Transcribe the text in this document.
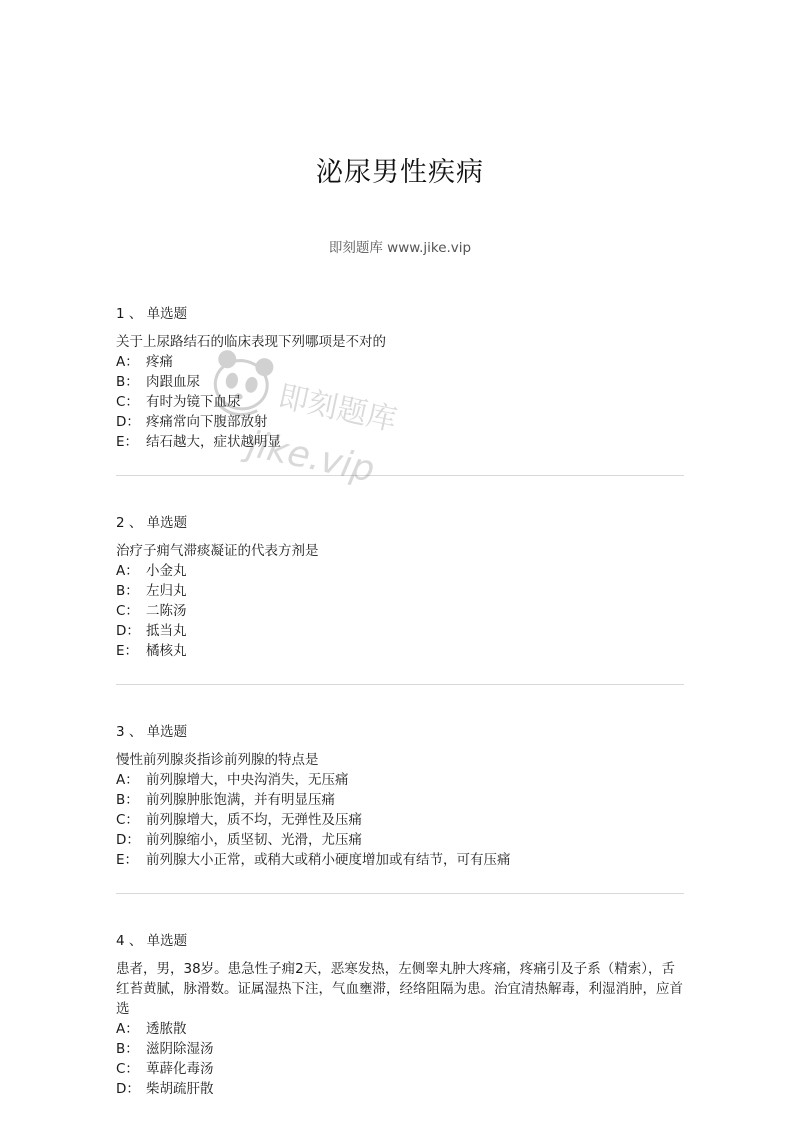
泌尿男性疾病
即刻题库 www.jike.vip
1 、 单选题
关于上尿路结石的临床表现下列哪项是不对的
A： 疼痛
B： 肉跟血尿
C： 有时为镜下血尿
D： 疼痛常向下腹部放射
E： 结石越大，症状越明显
2 、 单选题
治疗子痈气滞痰凝证的代表方剂是
A： 小金丸
B： 左归丸
C： 二陈汤
D： 抵当丸
E： 橘核丸
3 、 单选题
慢性前列腺炎指诊前列腺的特点是
A： 前列腺增大，中央沟消失，无压痛
B： 前列腺肿胀饱满，并有明显压痛
C： 前列腺增大，质不均，无弹性及压痛
D： 前列腺缩小，质坚韧、光滑，尤压痛
E： 前列腺大小正常，或稍大或稍小硬度增加或有结节，可有压痛
4 、 单选题
患者，男，38岁。患急性子痈2天，恶寒发热，左侧睾丸肿大疼痛，疼痛引及子系（精索），舌红苔黄腻，脉滑数。证属湿热下注，气血壅滞，经络阻隔为患。治宜清热解毒，利湿消肿，应首选
A： 透脓散
B： 滋阴除湿汤
C： 萆薜化毒汤
D： 柴胡疏肝散
即刻题库
jike.vip
